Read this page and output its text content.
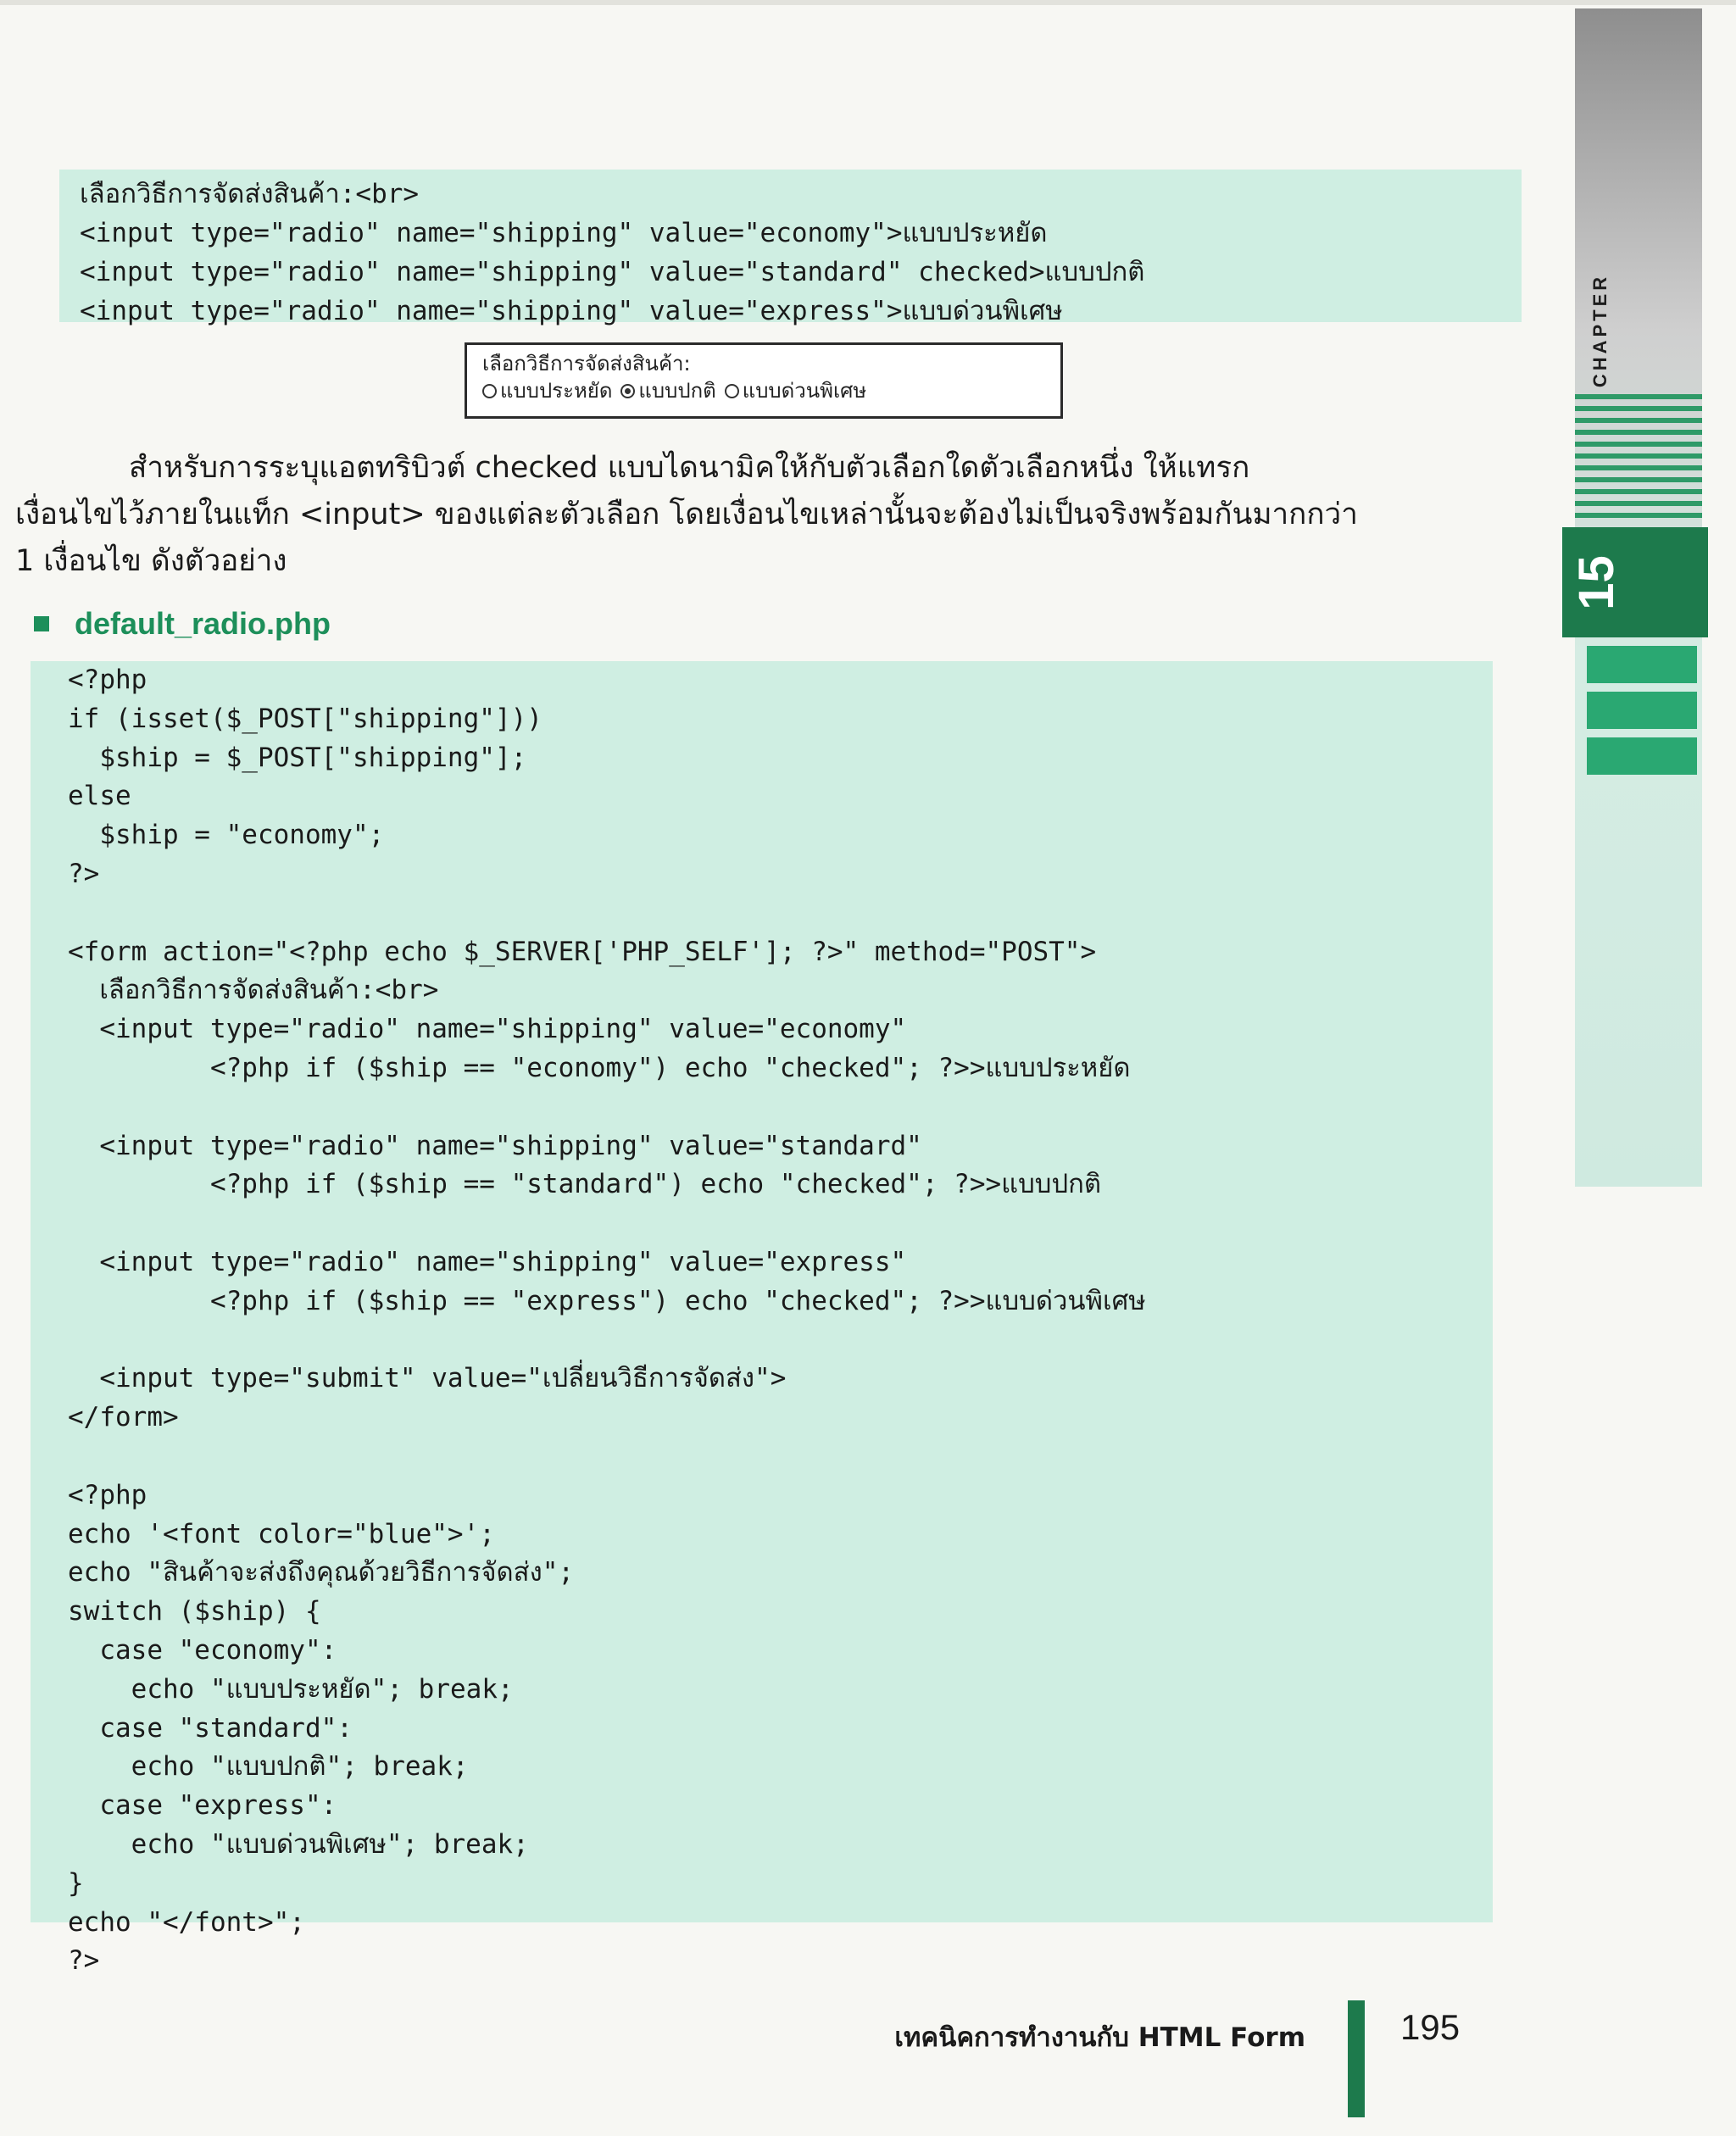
CHAPTER
15
เลือกวิธีการจัดส่งสินค้า:<br>
<input type="radio" name="shipping" value="economy">แบบประหยัด
<input type="radio" name="shipping" value="standard" checked>แบบปกติ
<input type="radio" name="shipping" value="express">แบบด่วนพิเศษ
เลือกวิธีการจัดส่งสินค้า:
แบบประหยัด แบบปกติ แบบด่วนพิเศษ
สำหรับการระบุแอตทริบิวต์ checked แบบไดนามิคให้กับตัวเลือกใดตัวเลือกหนึ่ง ให้แทรก
เงื่อนไขไว้ภายในแท็ก <input> ของแต่ละตัวเลือก โดยเงื่อนไขเหล่านั้นจะต้องไม่เป็นจริงพร้อมกันมากกว่า
1 เงื่อนไข ดังตัวอย่าง
default_radio.php
<?php
if (isset($_POST["shipping"]))
$ship = $_POST["shipping"];
else
$ship = "economy";
?>

<form action="<?php echo $_SERVER['PHP_SELF']; ?>" method="POST">
เลือกวิธีการจัดส่งสินค้า:<br>
<input type="radio" name="shipping" value="economy"
<?php if ($ship == "economy") echo "checked"; ?>>แบบประหยัด

<input type="radio" name="shipping" value="standard"
<?php if ($ship == "standard") echo "checked"; ?>>แบบปกติ

<input type="radio" name="shipping" value="express"
<?php if ($ship == "express") echo "checked"; ?>>แบบด่วนพิเศษ

<input type="submit" value="เปลี่ยนวิธีการจัดส่ง">
</form>

<?php
echo '<font color="blue">';
echo "สินค้าจะส่งถึงคุณด้วยวิธีการจัดส่ง";
switch ($ship) {
case "economy":
echo "แบบประหยัด"; break;
case "standard":
echo "แบบปกติ"; break;
case "express":
echo "แบบด่วนพิเศษ"; break;
}
echo "</font>";
?>
เทคนิคการทำงานกับ HTML Form	195
